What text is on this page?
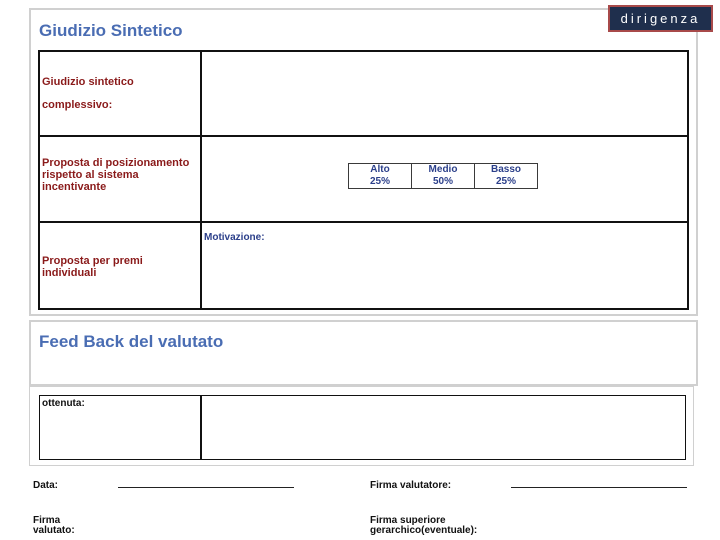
Giudizio Sintetico
Giudizio sintetico
complessivo:
Proposta di posizionamento rispetto al sistema incentivante
Alto	Medio	Basso
25%	50%	25%
Proposta per premi individuali
Motivazione:
Feed Back del valutato
ottenuta:
Data:	Firma valutatore:
Firma valutato:
Firma superiore gerarchico(eventuale):
dirigenza
